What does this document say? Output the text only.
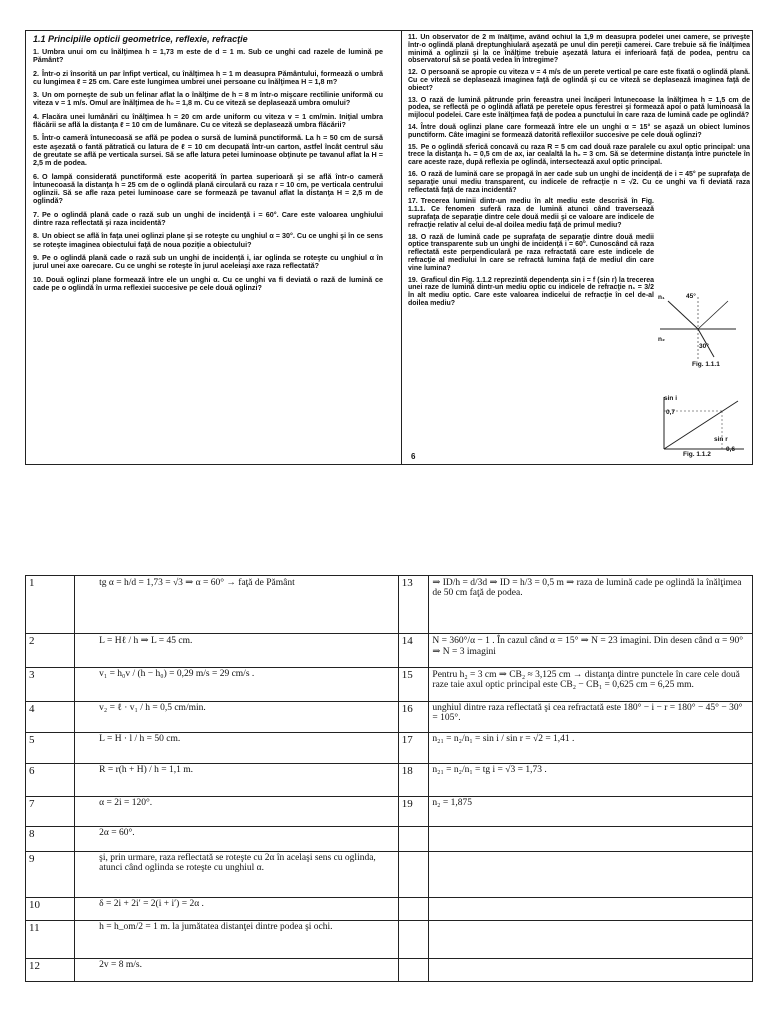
1.1 Principiile opticii geometrice, reflexie, refracţie
1. Umbra unui om cu înălţimea h = 1,73 m este de d = 1 m. Sub ce unghi cad razele de lumină pe Pământ?
2. Într-o zi însorită un par înfipt vertical, cu înălţimea h = 1 m deasupra Pământului, formează o umbră cu lungimea ℓ = 25 cm. Care este lungimea umbrei unei persoane cu înălţimea H = 1,8 m?
3. Un om porneşte de sub un felinar aflat la o înălţime de h = 8 m într-o mişcare rectilinie uniformă cu viteza v = 1 m/s. Omul are înălţimea de h₀ = 1,8 m. Cu ce viteză se deplasează umbra omului?
4. Flacăra unei lumânări cu înălţimea h = 20 cm arde uniform cu viteza v = 1 cm/min. Iniţial umbra flăcării se află la distanţa ℓ = 10 cm de lumânare. Cu ce viteză se deplasează umbra flăcării?
5. Într-o cameră întunecoasă se află pe podea o sursă de lumină punctiformă. La h = 50 cm de sursă este aşezată o fantă pătratică cu latura de ℓ = 10 cm decupată într-un carton, astfel încât centrul său de greutate se află pe verticala sursei. Să se afle latura petei luminoase obţinute pe tavanul aflat la H = 2,5 m de podea.
6. O lampă considerată punctiformă este acoperită în partea superioară şi se află într-o cameră întunecoasă la distanţa h = 25 cm de o oglindă plană circulară cu raza r = 10 cm, pe verticala centrului oglinzii. Să se afle raza petei luminoase care se formează pe tavanul aflat la distanţa H = 2,5 m de oglindă?
7. Pe o oglindă plană cade o rază sub un unghi de incidenţă i = 60°. Care este valoarea unghiului dintre raza reflectată şi raza incidentă?
8. Un obiect se află în faţa unei oglinzi plane şi se roteşte cu unghiul α = 30°. Cu ce unghi şi în ce sens se roteşte imaginea obiectului faţă de noua poziţie a obiectului?
9. Pe o oglindă plană cade o rază sub un unghi de incidenţă i, iar oglinda se roteşte cu unghiul α în jurul unei axe oarecare. Cu ce unghi se roteşte în jurul aceleiaşi axe raza reflectată?
10. Două oglinzi plane formează între ele un unghi α. Cu ce unghi va fi deviată o rază de lumină ce cade pe o oglindă în urma reflexiei succesive pe cele două oglinzi?
11. Un observator de 2 m înălţime, având ochiul la 1,9 m deasupra podelei unei camere, se priveşte într-o oglindă plană dreptunghiulară aşezată pe unul din pereţii camerei. Care trebuie să fie înălţimea minimă a oglinzii şi la ce înălţime trebuie aşezată latura ei inferioară faţă de podea, pentru ca observatorul să se poată vedea în întregime?
12. O persoană se apropie cu viteza v = 4 m/s de un perete vertical pe care este fixată o oglindă plană. Cu ce viteză se deplasează imaginea faţă de oglindă şi cu ce viteză se deplasează imaginea faţă de obiect?
13. O rază de lumină pătrunde prin fereastra unei încăperi întunecoase la înălţimea h = 1,5 cm de podea, se reflectă pe o oglindă aflată pe peretele opus ferestrei şi formează apoi o pată luminoasă la mijlocul podelei. Care este înălţimea faţă de podea a punctului în care raza de lumină cade pe oglindă?
14. Între două oglinzi plane care formează între ele un unghi α = 15° se aşază un obiect luminos punctiform. Câte imagini se formează datorită reflexiilor succesive pe cele două oglinzi?
15. Pe o oglindă sferică concavă cu raza R = 5 cm cad două raze paralele cu axul optic principal: una trece la distanţa h₁ = 0,5 cm de ax, iar cealaltă la h₂ = 3 cm. Să se determine distanţa între punctele în care aceste raze, după reflexia pe oglindă, intersectează axul optic principal.
16. O rază de lumină care se propagă în aer cade sub un unghi de incidenţă de i = 45° pe suprafaţa de separaţie unui mediu transparent, cu indicele de refracţie n = √2. Cu ce unghi va fi deviată raza reflectată faţă de raza incidentă?
17. Trecerea luminii dintr-un mediu în alt mediu este descrisă în Fig. 1.1.1. Ce fenomen suferă raza de lumină atunci când traversează suprafaţa de separaţie dintre cele două medii şi ce valoare are indicele de refracţie relativ al celui de-al doilea mediu faţă de primul mediu?
18. O rază de lumină cade pe suprafaţa de separaţie dintre două medii optice transparente sub un unghi de incidenţă i = 60°. Cunoscând că raza reflectată este perpendiculară pe raza refractată care este indicele de refracţie al mediului în care se refractă lumina faţă de mediul din care vine lumina?
19. Graficul din Fig. 1.1.2 reprezintă dependenţa sin i = f (sin r) la trecerea unei raze de lumină dintr-un mediu optic cu indicele de refracţie n₁ = 3/2 în alt mediu optic. Care este valoarea indicelui de refracţie în cel de-al doilea mediu?
6
45°
30°
n₁
n₂
Fig. 1.1.1
sin i
0,7
sin r
0,6
Fig. 1.1.2
1	tg α = h/d = 1,73 = √3 ⇒ α = 60° → faţă de Pământ	13	⇒ ID/h = d/3d ⇒ ID = h/3 = 0,5 m ⇒ raza de lumină cade pe oglindă la înălţimea de 50 cm faţă de podea.
2	L = Hℓ / h ⇒ L = 45 cm.	14	N = 360°/α − 1 . În cazul când α = 15° ⇒ N = 23 imagini. Din desen când α = 90° ⇒ N = 3 imagini
3	v₁ = h₀v / (h − h₀) = 0,29 m/s = 29 cm/s .	15	Pentru h₂ = 3 cm ⇒ CB₂ ≈ 3,125 cm → distanţa dintre punctele în care cele două raze taie axul optic principal este CB₂ − CB₁ = 0,625 cm = 6,25 mm.
4	v₂ = ℓ · v₁ / h = 0,5 cm/min.	16	unghiul dintre raza reflectată şi cea refractată este 180° − i − r = 180° − 45° − 30° = 105°.
5	L = H · l / h = 50 cm.	17	n₂₁ = n₂/n₁ = sin i / sin r = √2 = 1,41 .
6	R = r(h + H) / h = 1,1 m.	18	n₂₁ = n₂/n₁ = tg i = √3 = 1,73 .
7	α = 2i = 120°.	19	n₂ = 1,875
8	2α = 60°.		
9	şi, prin urmare, raza reflectată se roteşte cu 2α în acelaşi sens cu oglinda, atunci când oglinda se roteşte cu unghiul α.		
10	δ = 2i + 2i′ = 2(i + i′) = 2α .		
11	h = h_om/2 = 1 m. la jumătatea distanţei dintre podea şi ochi.		
12	2v = 8 m/s.		
